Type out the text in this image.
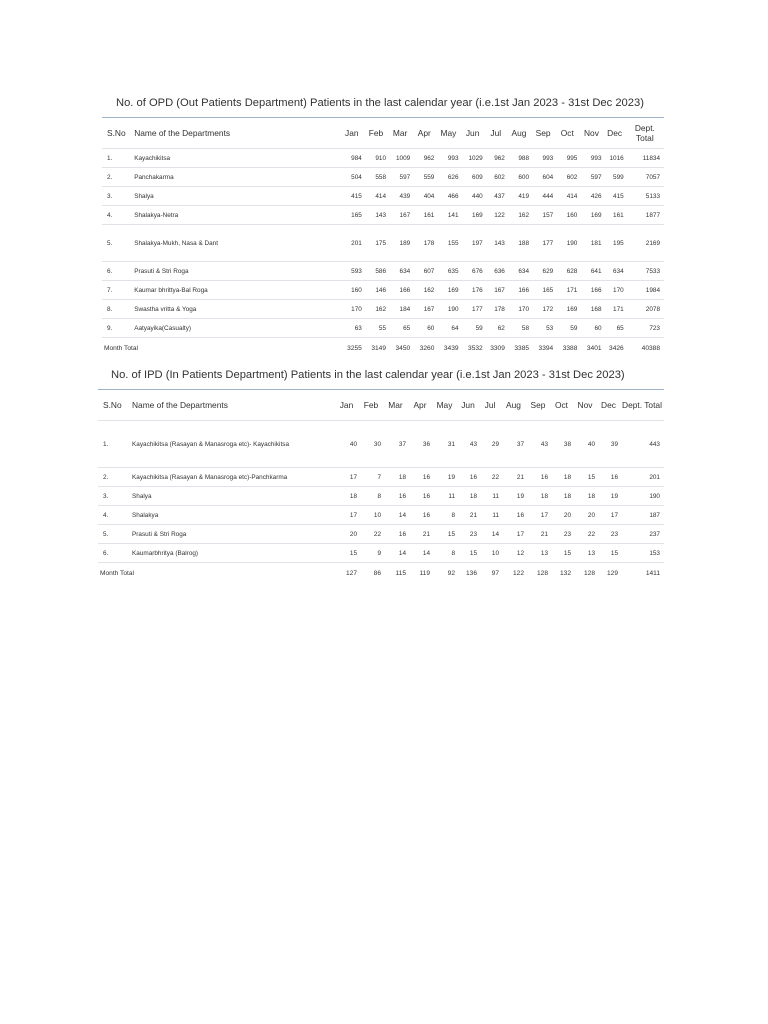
No. of OPD (Out Patients Department) Patients in the last calendar year (i.e.1st Jan 2023 - 31st Dec 2023)
S.No	Name of the Departments	Jan	Feb	Mar	Apr	May	Jun	Jul	Aug	Sep	Oct	Nov	Dec	Dept. Total
1.	Kayachikitsa	984	910	1009	962	993	1029	962	988	993	995	993	1016	11834
2.	Panchakarma	504	558	597	559	626	609	602	600	604	602	597	599	7057
3.	Shalya	415	414	439	404	466	440	437	419	444	414	426	415	5133
4.	Shalakya-Netra	165	143	167	161	141	169	122	162	157	160	169	161	1877
5.	Shalakya-Mukh, Nasa & Dant	201	175	189	178	155	197	143	188	177	190	181	195	2169
6.	Prasuti & Stri Roga	593	586	634	607	635	676	636	634	629	628	641	634	7533
7.	Kaumar bhrittya-Bal Roga	160	146	166	162	169	176	167	166	165	171	166	170	1984
8.	Swastha vritta & Yoga	170	162	184	167	190	177	178	170	172	169	168	171	2078
9.	Aatyayika(Casualty)	63	55	65	60	64	59	62	58	53	59	60	65	723
Month Total		3255	3149	3450	3260	3439	3532	3309	3385	3394	3388	3401	3426	40388
No. of IPD (In Patients Department) Patients in the last calendar year (i.e.1st Jan 2023 - 31st Dec 2023)
S.No	Name of the Departments	Jan	Feb	Mar	Apr	May	Jun	Jul	Aug	Sep	Oct	Nov	Dec	Dept. Total
1.	Kayachikitsa (Rasayan & Manasroga etc)- Kayachikitsa	40	30	37	36	31	43	29	37	43	38	40	39	443
2.	Kayachikitsa (Rasayan & Manasroga etc)-Panchkarma	17	7	18	16	19	16	22	21	16	18	15	16	201
3.	Shalya	18	8	16	16	11	18	11	19	18	18	18	19	190
4.	Shalakya	17	10	14	16	8	21	11	16	17	20	20	17	187
5.	Prasuti & Stri Roga	20	22	16	21	15	23	14	17	21	23	22	23	237
6.	Kaumarbhritya (Balrog)	15	9	14	14	8	15	10	12	13	15	13	15	153
Month Total		127	86	115	119	92	136	97	122	128	132	128	129	1411
